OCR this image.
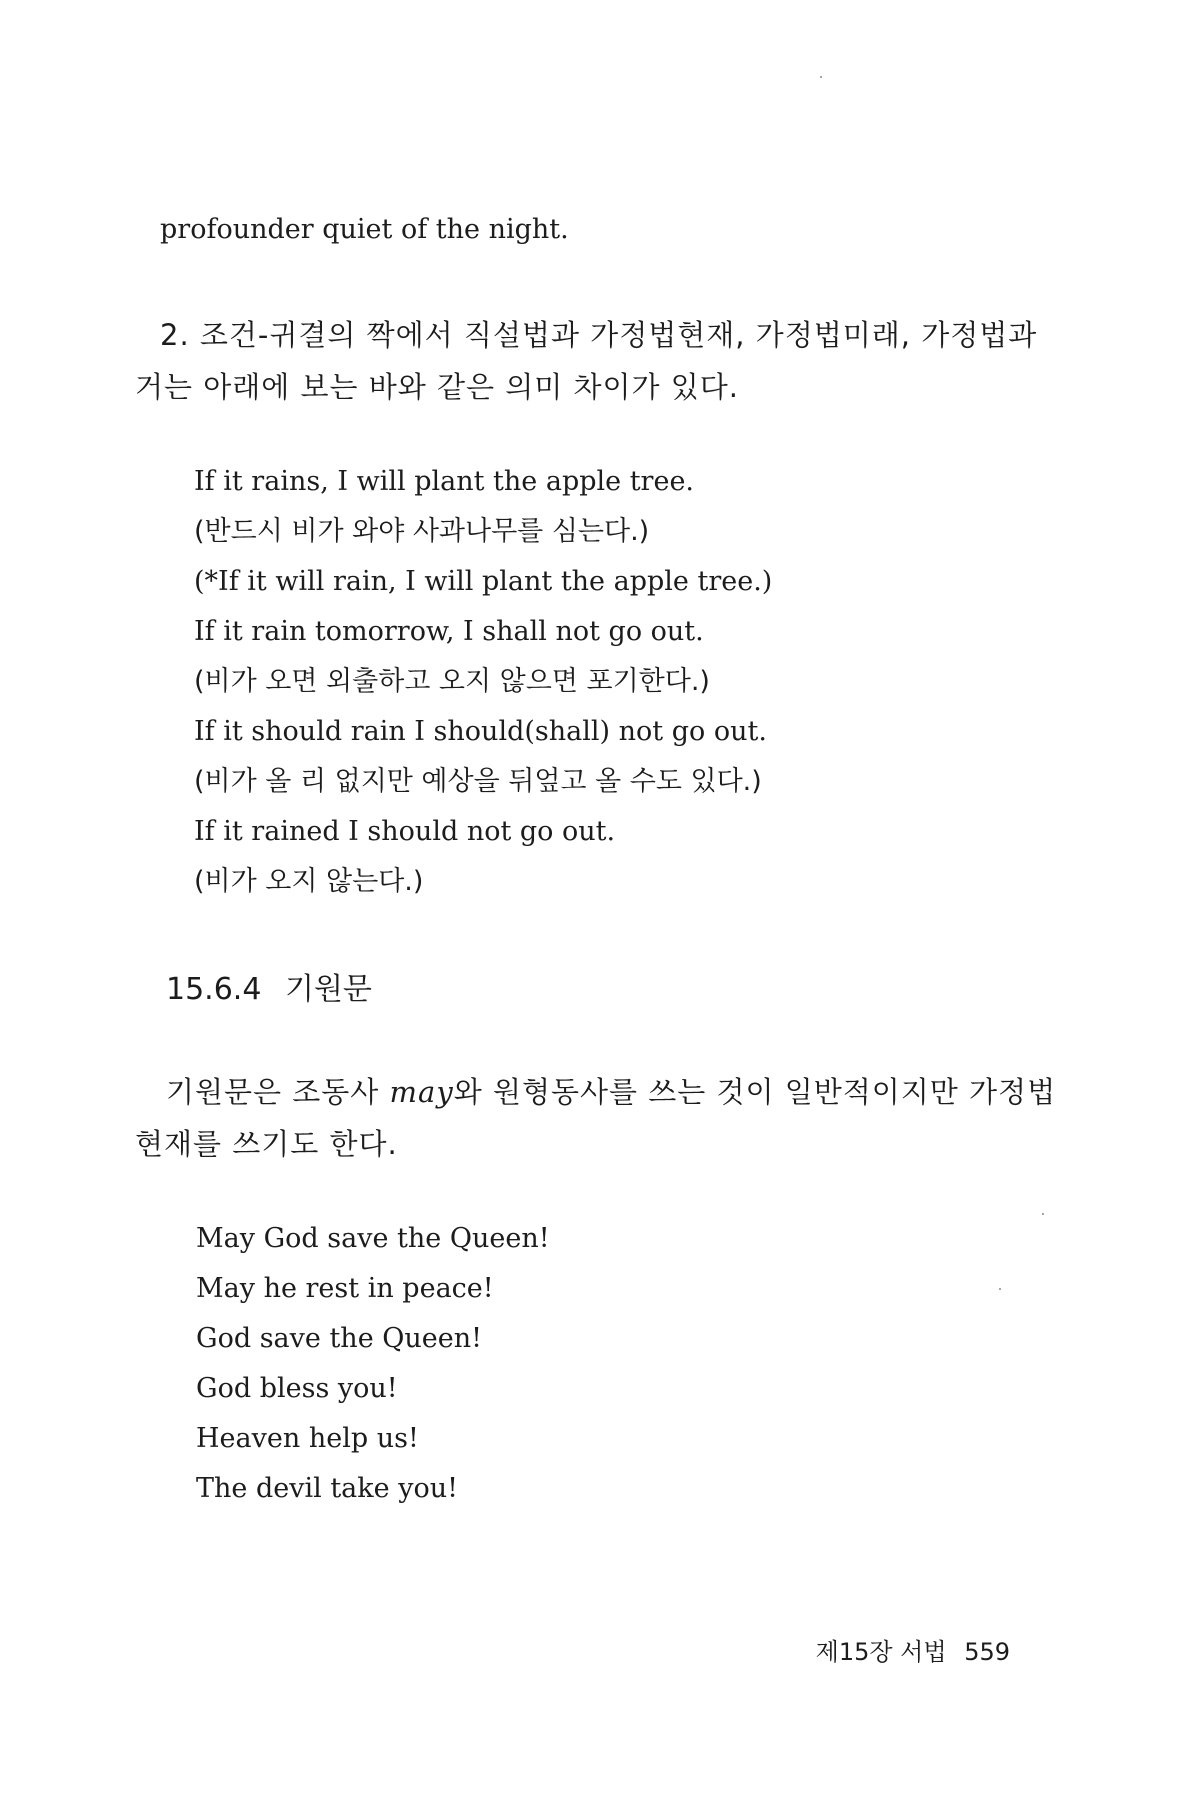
profounder quiet of the night.
2. 조건-귀결의 짝에서 직설법과 가정법현재, 가정법미래, 가정법과
거는 아래에 보는 바와 같은 의미 차이가 있다.
If it rains, I will plant the apple tree.
(반드시 비가 와야 사과나무를 심는다.)
(*If it will rain, I will plant the apple tree.)
If it rain tomorrow, I shall not go out.
(비가 오면 외출하고 오지 않으면 포기한다.)
If it should rain I should(shall) not go out.
(비가 올 리 없지만 예상을 뒤엎고 올 수도 있다.)
If it rained I should not go out.
(비가 오지 않는다.)
15.6.4 기원문
기원문은 조동사 may와 원형동사를 쓰는 것이 일반적이지만 가정법
현재를 쓰기도 한다.
May God save the Queen!
May he rest in peace!
God save the Queen!
God bless you!
Heaven help us!
The devil take you!
제15장 서법 559
